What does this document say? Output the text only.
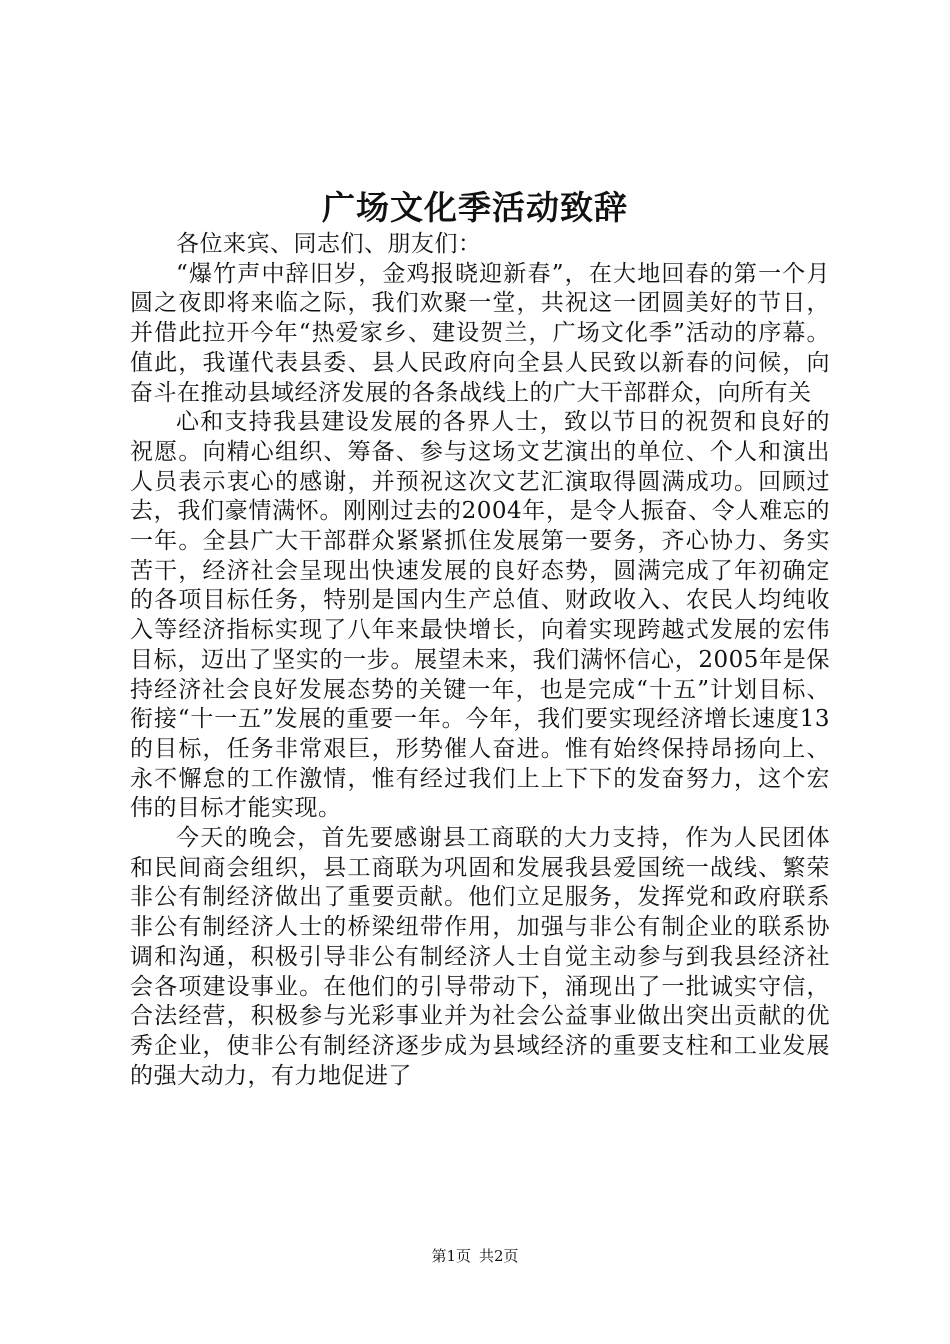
广场文化季活动致辞

各位来宾、同志们、朋友们：

“爆竹声中辞旧岁，金鸡报晓迎新春”，在大地回春的第一个月圆之夜即将来临之际，我们欢聚一堂，共祝这一团圆美好的节日，并借此拉开今年“热爱家乡、建设贺兰，广场文化季”活动的序幕。值此，我谨代表县委、县人民政府向全县人民致以新春的问候，向奋斗在推动县域经济发展的各条战线上的广大干部群众，向所有关

心和支持我县建设发展的各界人士，致以节日的祝贺和良好的祝愿。向精心组织、筹备、参与这场文艺演出的单位、个人和演出人员表示衷心的感谢，并预祝这次文艺汇演取得圆满成功。回顾过去，我们豪情满怀。刚刚过去的2004年，是令人振奋、令人难忘的一年。全县广大干部群众紧紧抓住发展第一要务，齐心协力、务实苦干，经济社会呈现出快速发展的良好态势，圆满完成了年初确定的各项目标任务，特别是国内生产总值、财政收入、农民人均纯收入等经济指标实现了八年来最快增长，向着实现跨越式发展的宏伟目标，迈出了坚实的一步。展望未来，我们满怀信心，2005年是保持经济社会良好发展态势的关键一年，也是完成“十五”计划目标、衔接“十一五”发展的重要一年。今年，我们要实现经济增长速度13的目标，任务非常艰巨，形势催人奋进。惟有始终保持昂扬向上、永不懈怠的工作激情，惟有经过我们上上下下的发奋努力，这个宏伟的目标才能实现。

今天的晚会，首先要感谢县工商联的大力支持，作为人民团体和民间商会组织，县工商联为巩固和发展我县爱国统一战线、繁荣非公有制经济做出了重要贡献。他们立足服务，发挥党和政府联系非公有制经济人士的桥梁纽带作用，加强与非公有制企业的联系协调和沟通，积极引导非公有制经济人士自觉主动参与到我县经济社会各项建设事业。在他们的引导带动下，涌现出了一批诚实守信，合法经营，积极参与光彩事业并为社会公益事业做出突出贡献的优秀企业，使非公有制经济逐步成为县域经济的重要支柱和工业发展的强大动力，有力地促进了

第1页 共2页
